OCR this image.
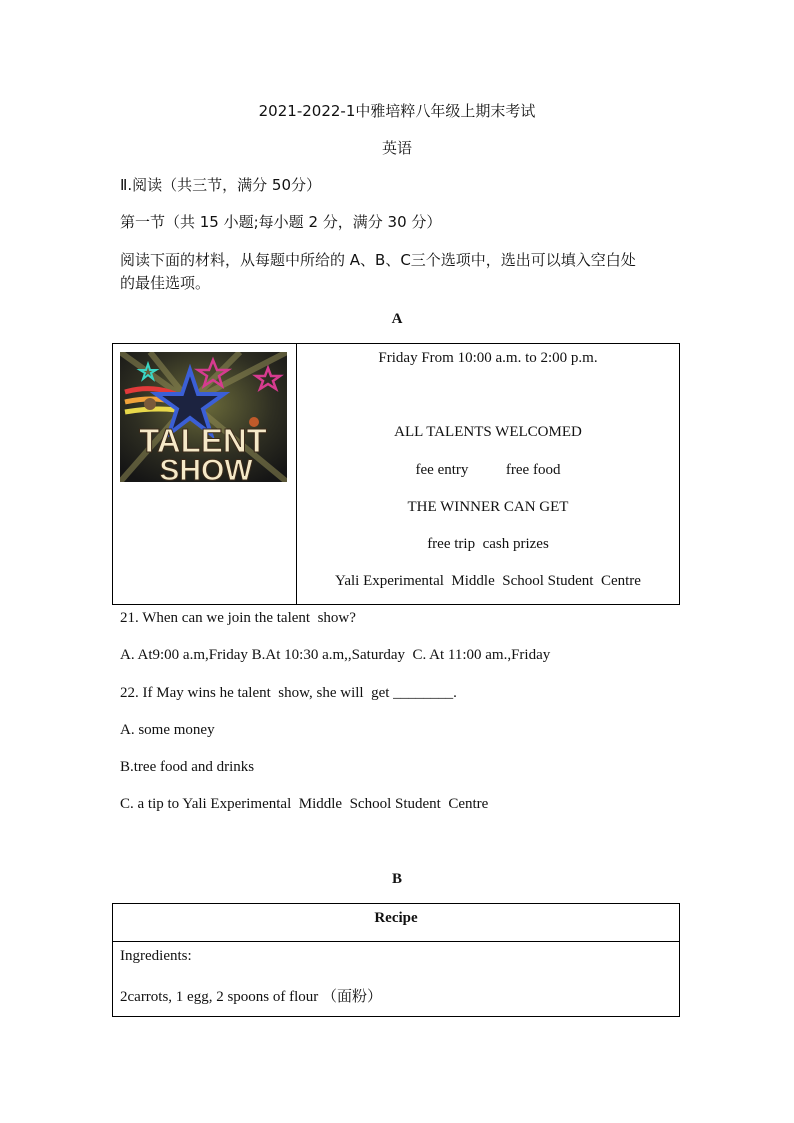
2021-2022-1中雅培粹八年级上期末考试
英语
Ⅱ.阅读（共三节，满分 50分）
第一节（共 15 小题;每小题 2 分，满分 30 分）
阅读下面的材料，从每题中所给的 A、B、C三个选项中，选出可以填入空白处
的最佳选项。
A
TALENT
SHOW
Friday From 10:00 a.m. to 2:00 p.m.
ALL TALENTS WELCOMED
fee entry          free food
THE WINNER CAN GET
free trip  cash prizes
Yali Experimental  Middle  School Student  Centre
21. When can we join the talent  show?
A. At9:00 a.m,Friday B.At 10:30 a.m,,Saturday  C. At 11:00 am.,Friday
22. If May wins he talent  show, she will  get ________.
A. some money
B.tree food and drinks
C. a tip to Yali Experimental  Middle  School Student  Centre
B
Recipe
Ingredients:
2carrots, 1 egg, 2 spoons of flour （面粉）
